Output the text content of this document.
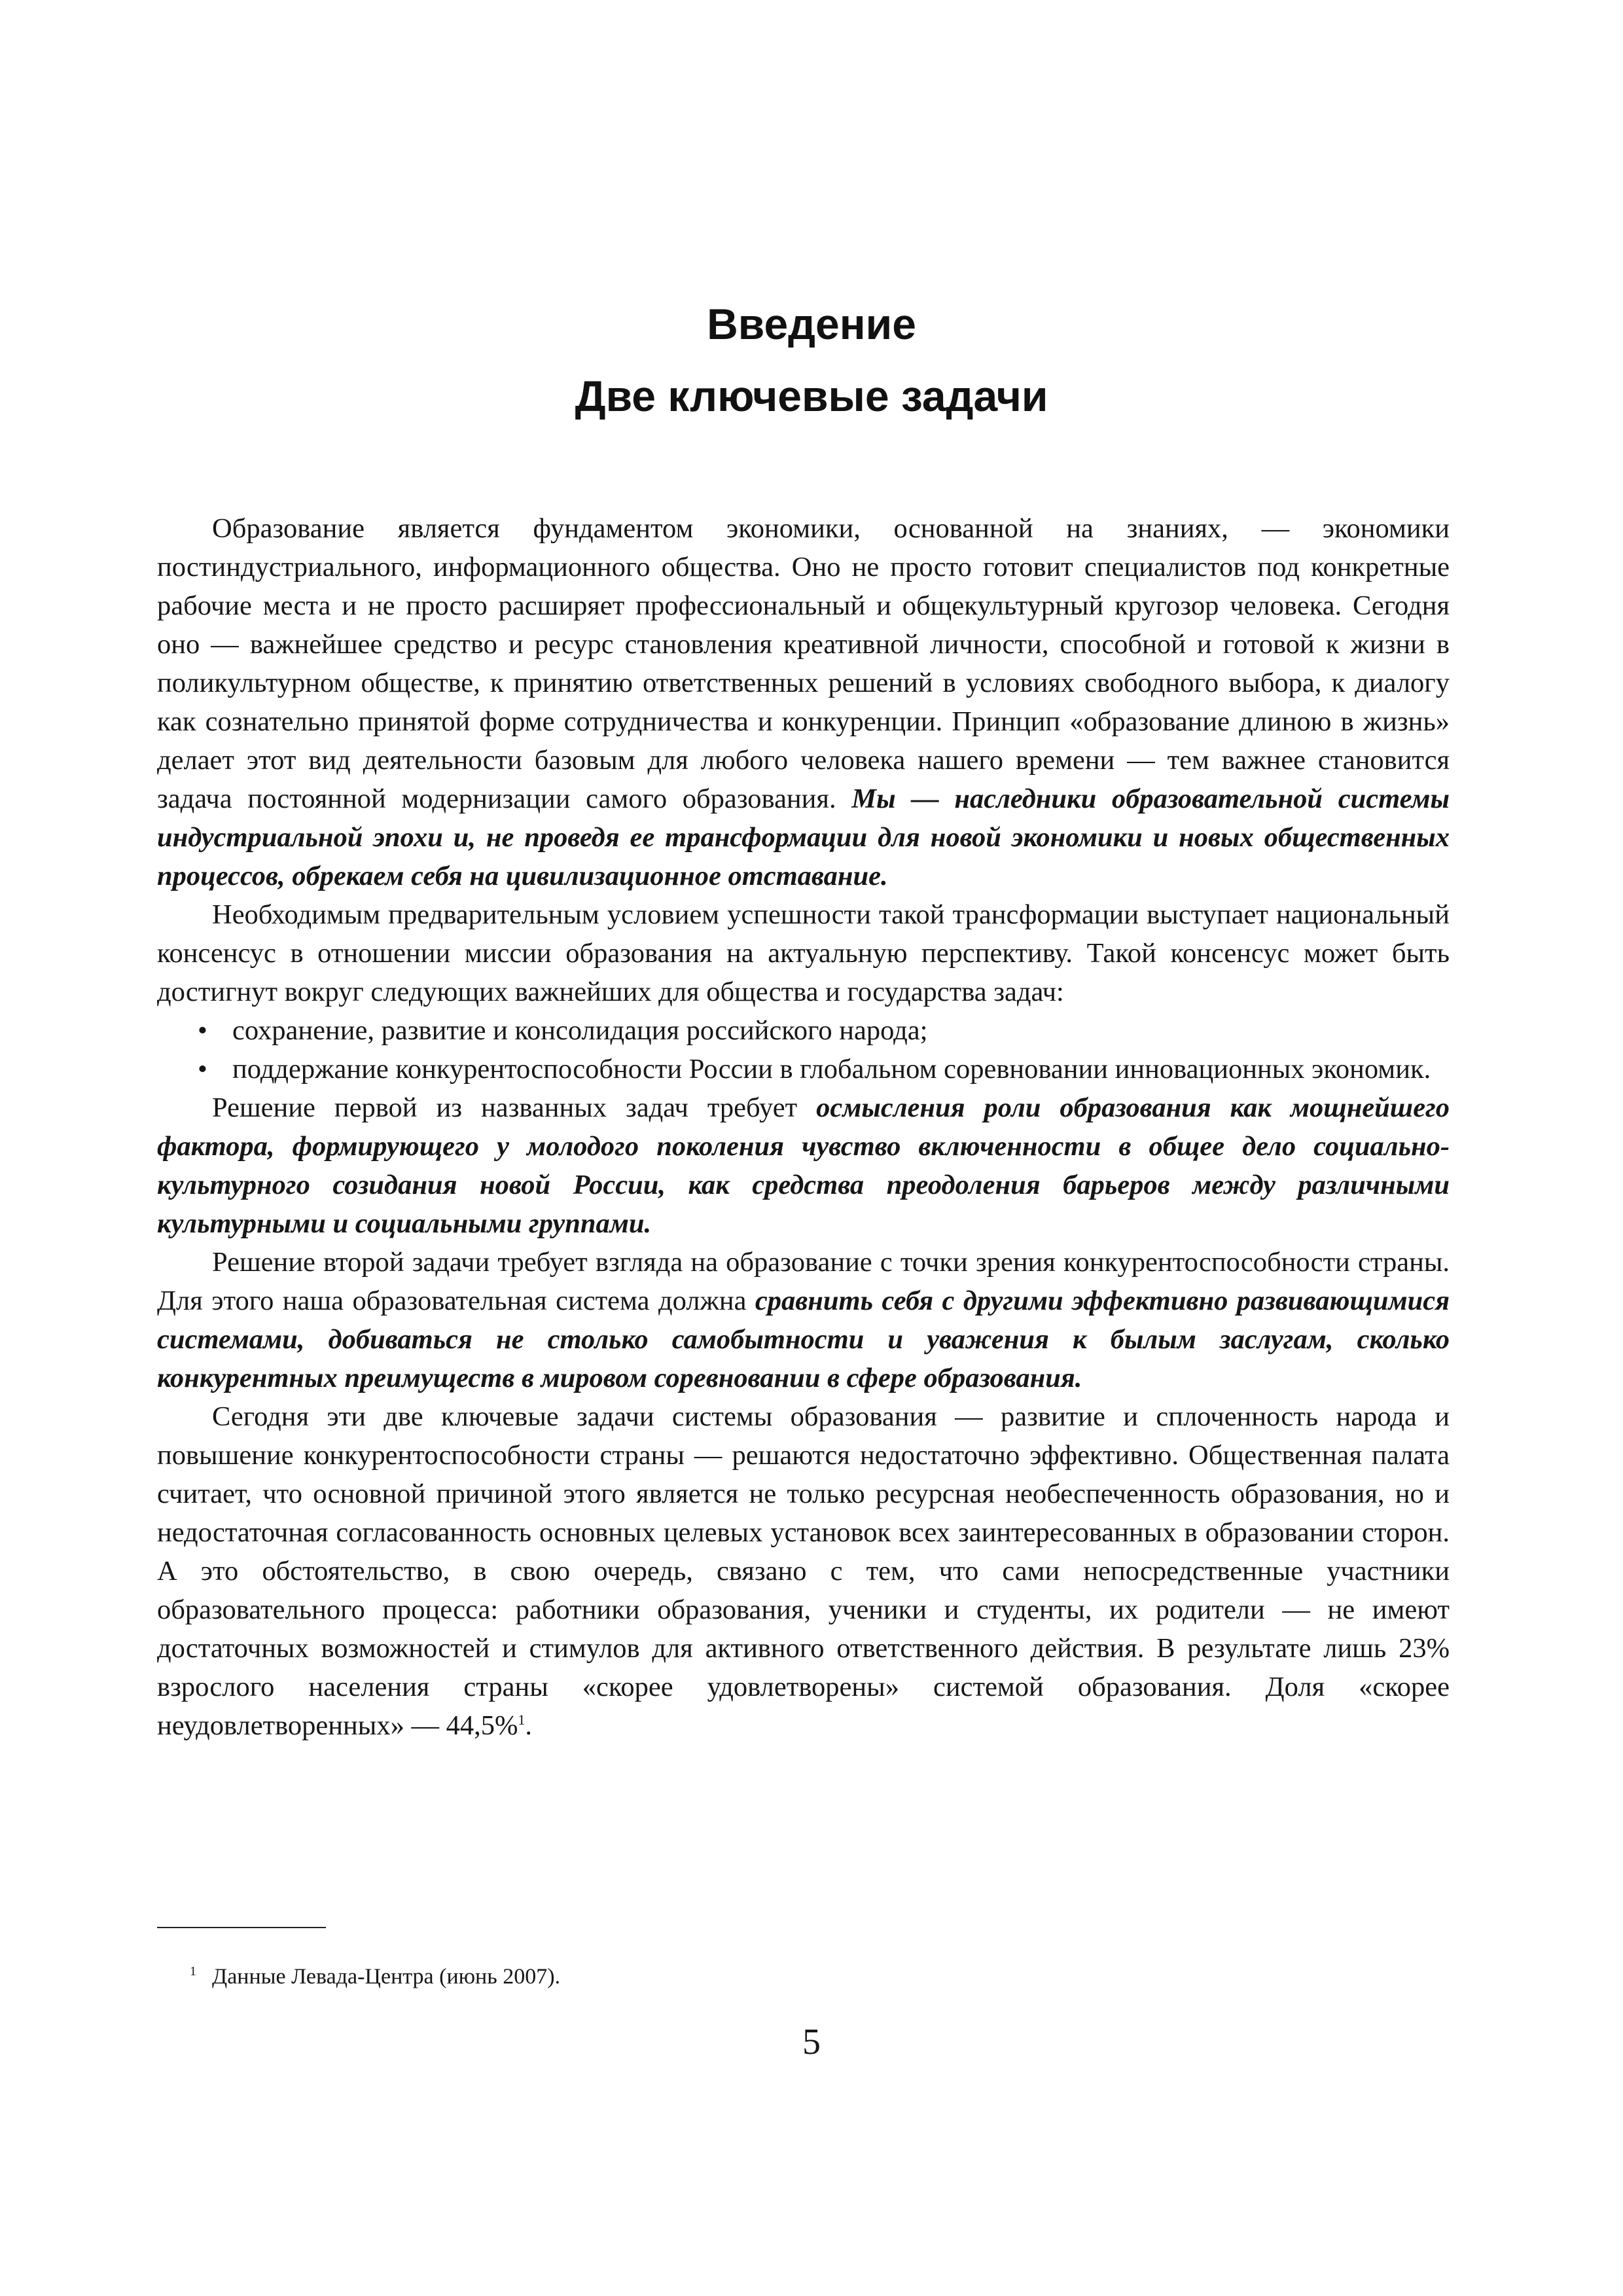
Введение
Две ключевые задачи

Образование является фундаментом экономики, основанной на знаниях, — экономики постиндустриального, информационного общества. Оно не просто готовит специалистов под конкретные рабочие места и не просто расширяет профессиональный и общекультурный кругозор человека. Сегодня оно — важнейшее средство и ресурс становления креативной личности, способной и готовой к жизни в поликультурном обществе, к принятию ответственных решений в условиях свободного выбора, к диалогу как сознательно принятой форме сотрудничества и конкуренции. Принцип «образование длиною в жизнь» делает этот вид деятельности базовым для любого человека нашего времени — тем важнее становится задача постоянной модернизации самого образования. Мы — наследники образовательной системы индустриальной эпохи и, не проведя ее трансформации для новой экономики и новых общественных процессов, обрекаем себя на цивилизационное отставание.

Необходимым предварительным условием успешности такой трансформации выступает национальный консенсус в отношении миссии образования на актуальную перспективу. Такой консенсус может быть достигнут вокруг следующих важнейших для общества и государства задач:

• сохранение, развитие и консолидация российского народа;
• поддержание конкурентоспособности России в глобальном соревновании инновационных экономик.

Решение первой из названных задач требует осмысления роли образования как мощнейшего фактора, формирующего у молодого поколения чувство включенности в общее дело социально-культурного созидания новой России, как средства преодоления барьеров между различными культурными и социальными группами.

Решение второй задачи требует взгляда на образование с точки зрения конкурентоспособности страны. Для этого наша образовательная система должна сравнить себя с другими эффективно развивающимися системами, добиваться не столько самобытности и уважения к былым заслугам, сколько конкурентных преимуществ в мировом соревновании в сфере образования.

Сегодня эти две ключевые задачи системы образования — развитие и сплоченность народа и повышение конкурентоспособности страны — решаются недостаточно эффективно. Общественная палата считает, что основной причиной этого является не только ресурсная необеспеченность образования, но и недостаточная согласованность основных целевых установок всех заинтересованных в образовании сторон. А это обстоятельство, в свою очередь, связано с тем, что сами непосредственные участники образовательного процесса: работники образования, ученики и студенты, их родители — не имеют достаточных возможностей и стимулов для активного ответственного действия. В результате лишь 23% взрослого населения страны «скорее удовлетворены» системой образования. Доля «скорее неудовлетворенных» — 44,5%$^1$.

$^1$ Данные Левада-Центра (июнь 2007).
5
